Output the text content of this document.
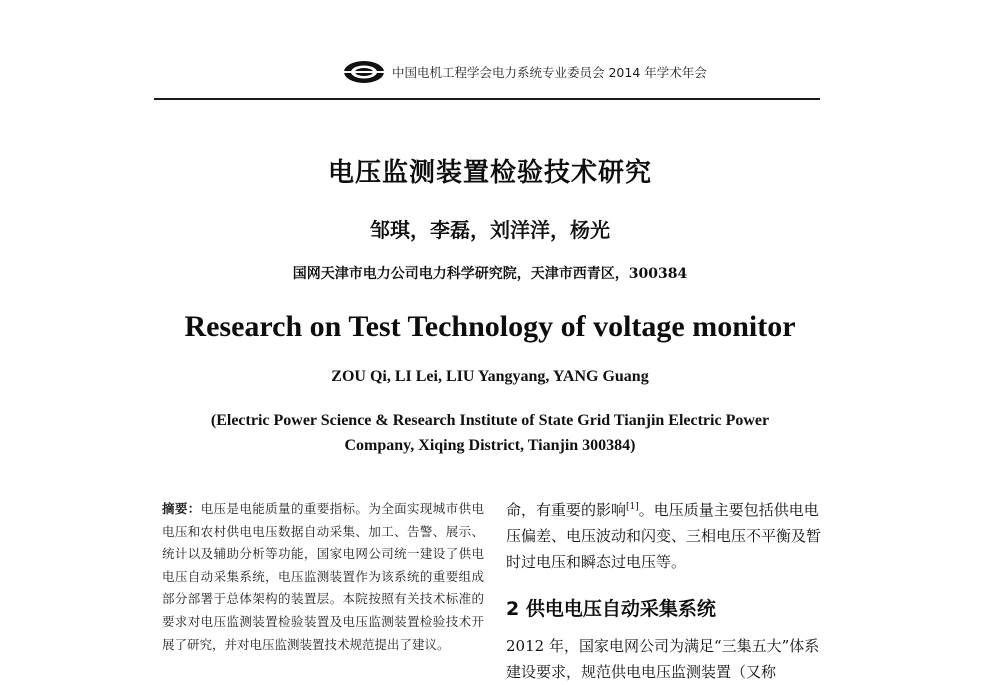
中国电机工程学会电力系统专业委员会 2014 年学术年会
电压监测装置检验技术研究
邹琪，李磊，刘洋洋，杨光
国网天津市电力公司电力科学研究院，天津市西青区，300384
Research on Test Technology of voltage monitor
ZOU Qi, LI Lei, LIU Yangyang, YANG Guang
(Electric Power Science & Research Institute of State Grid Tianjin Electric Power
Company, Xiqing District, Tianjin 300384)
摘要：电压是电能质量的重要指标。为全面实现城市供电电压和农村供电电压数据自动采集、加工、告警、展示、统计以及辅助分析等功能，国家电网公司统一建设了供电电压自动采集系统，电压监测装置作为该系统的重要组成部分部署于总体架构的装置层。本院按照有关技术标准的要求对电压监测装置检验装置及电压监测装置检验技术开展了研究，并对电压监测装置技术规范提出了建议。

命，有重要的影响[1]。电压质量主要包括供电电压偏差、电压波动和闪变、三相电压不平衡及暂时过电压和瞬态过电压等。

2 供电电压自动采集系统
2012 年，国家电网公司为满足“三集五大”体系建设要求，规范供电电压监测装置（又称
